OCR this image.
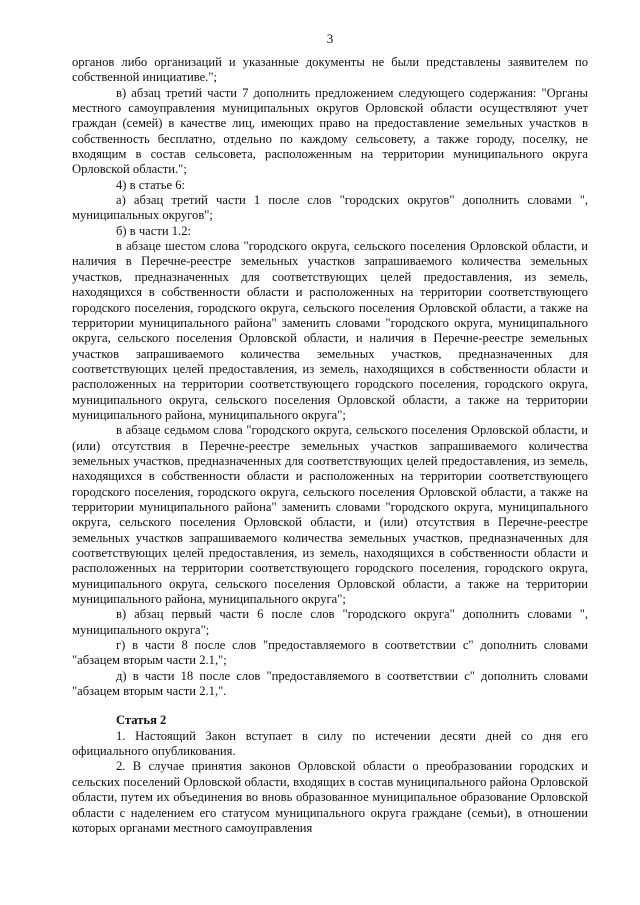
3

органов либо организаций и указанные документы не были представлены заявителем по собственной инициативе.";

в) абзац третий части 7 дополнить предложением следующего содержания: "Органы местного самоуправления муниципальных округов Орловской области осуществляют учет граждан (семей) в качестве лиц, имеющих право на предоставление земельных участков в собственность бесплатно, отдельно по каждому сельсовету, а также городу, поселку, не входящим в состав сельсовета, расположенным на территории муниципального округа Орловской области.";

4) в статье 6:

а) абзац третий части 1 после слов "городских округов" дополнить словами ", муниципальных округов";

б) в части 1.2:

в абзаце шестом слова "городского округа, сельского поселения Орловской области, и наличия в Перечне-реестре земельных участков запрашиваемого количества земельных участков, предназначенных для соответствующих целей предоставления, из земель, находящихся в собственности области и расположенных на территории соответствующего городского поселения, городского округа, сельского поселения Орловской области, а также на территории муниципального района" заменить словами "городского округа, муниципального округа, сельского поселения Орловской области, и наличия в Перечне-реестре земельных участков запрашиваемого количества земельных участков, предназначенных для соответствующих целей предоставления, из земель, находящихся в собственности области и расположенных на территории соответствующего городского поселения, городского округа, муниципального округа, сельского поселения Орловской области, а также на территории муниципального района, муниципального округа";

в абзаце седьмом слова "городского округа, сельского поселения Орловской области, и (или) отсутствия в Перечне-реестре земельных участков запрашиваемого количества земельных участков, предназначенных для соответствующих целей предоставления, из земель, находящихся в собственности области и расположенных на территории соответствующего городского поселения, городского округа, сельского поселения Орловской области, а также на территории муниципального района" заменить словами "городского округа, муниципального округа, сельского поселения Орловской области, и (или) отсутствия в Перечне-реестре земельных участков запрашиваемого количества земельных участков, предназначенных для соответствующих целей предоставления, из земель, находящихся в собственности области и расположенных на территории соответствующего городского поселения, городского округа, муниципального округа, сельского поселения Орловской области, а также на территории муниципального района, муниципального округа";

в) абзац первый части 6 после слов "городского округа" дополнить словами ", муниципального округа";

г) в части 8 после слов "предоставляемого в соответствии с" дополнить словами "абзацем вторым части 2.1,";

д) в части 18 после слов "предоставляемого в соответствии с" дополнить словами "абзацем вторым части 2.1,".

Статья 2

1. Настоящий Закон вступает в силу по истечении десяти дней со дня его официального опубликования.

2. В случае принятия законов Орловской области о преобразовании городских и сельских поселений Орловской области, входящих в состав муниципального района Орловской области, путем их объединения во вновь образованное муниципальное образование Орловской области с наделением его статусом муниципального округа граждане (семьи), в отношении которых органами местного самоуправления
